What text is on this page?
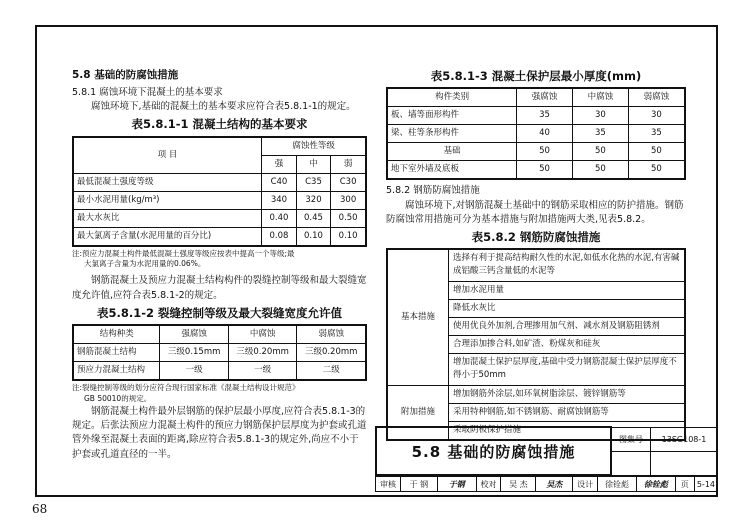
5.8 基础的防腐蚀措施

5.8.1 腐蚀环境下混凝土的基本要求

腐蚀环境下,基础的混凝土的基本要求应符合表5.8.1-1的规定。

表5.8.1-1 混凝土结构的基本要求
项 目	腐蚀性等级		
	强	中	弱
最低混凝土强度等级	C40	C35	C30
最小水泥用量(kg/m³)	340	320	300
最大水灰比	0.40	0.45	0.50
最大氯离子含量(水泥用量的百分比)	0.08	0.10	0.10
注:预应力混凝土构件最低混凝土强度等级应按表中提高一个等级;最
大氯离子含量为水泥用量的0.06%。

钢筋混凝土及预应力混凝土结构构件的裂缝控制等级和最大裂缝宽度允许值,应符合表5.8.1-2的规定。

表5.8.1-2 裂缝控制等级及最大裂缝宽度允许值
结构种类	强腐蚀	中腐蚀	弱腐蚀
钢筋混凝土结构	三级0.15mm	三级0.20mm	三级0.20mm
预应力混凝土结构	一级	一级	二级
注:裂缝控制等级的划分应符合现行国家标准《混凝土结构设计规范》
GB 50010的规定。

钢筋混凝土构件最外层钢筋的保护层最小厚度,应符合表5.8.1-3的规定。后张法预应力混凝土构件的预应力钢筋保护层厚度为护套或孔道管外缘至混凝土表面的距离,除应符合表5.8.1-3的规定外,尚应不小于护套或孔道直径的一半。

表5.8.1-3 混凝土保护层最小厚度(mm)
构件类别	强腐蚀	中腐蚀	弱腐蚀
板、墙等面形构件	35	30	30
梁、柱等条形构件	40	35	35
基础	50	50	50
地下室外墙及底板	50	50	50

5.8.2 钢筋防腐蚀措施

腐蚀环境下,对钢筋混凝土基础中的钢筋采取相应的防护措施。钢筋防腐蚀常用措施可分为基本措施与附加措施两大类,见表5.8.2。

表5.8.2 钢筋防腐蚀措施
基本措施	选择有利于提高结构耐久性的水泥,如低水化热的水泥,有害碱成铝酸三钙含量低的水泥等
	增加水泥用量
	降低水灰比
	使用优良外加剂,合理掺用加气剂、减水剂及钢筋阻锈剂
	合理添加掺合料,如矿渣、粉煤灰和硅灰
	增加混凝土保护层厚度,基础中受力钢筋混凝土保护层厚度不得小于50mm
附加措施	增加钢筋外涂层,如环氧树脂涂层、镀锌钢筋等
	采用特种钢筋,如不锈钢筋、耐腐蚀钢筋等
	采取阴极保护措施
5.8 基础的防腐蚀措施	图集号	13SG108-1

审核	于 钢	于钢	校对	吴 杰	吴杰	设计	徐铨彪	徐铨彪	页	5-14
68
